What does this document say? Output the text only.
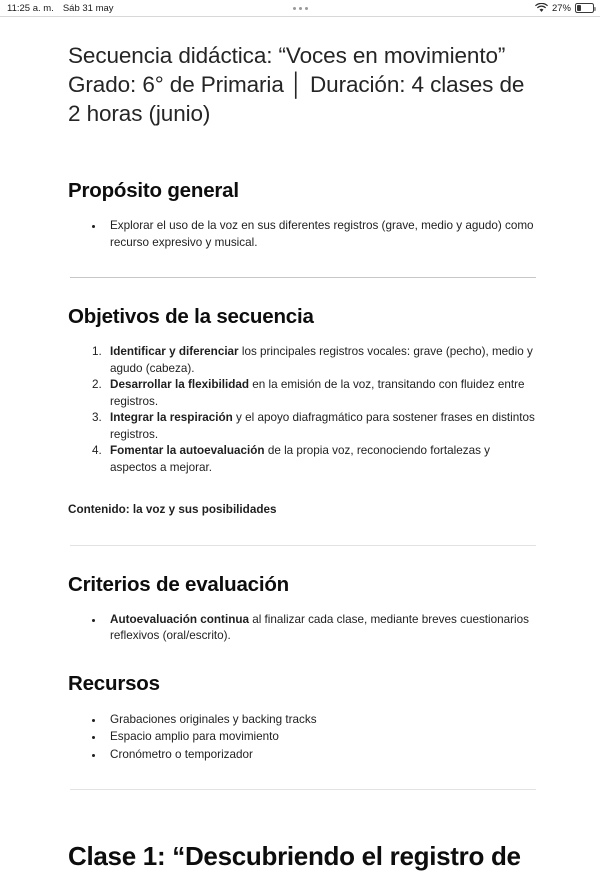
11:25 a. m. Sáb 31 may	27%
Secuencia didáctica: “Voces en movimiento” Grado: 6° de Primaria │ Duración: 4 clases de 2 horas (junio)
Propósito general
• Explorar el uso de la voz en sus diferentes registros (grave, medio y agudo) como recurso expresivo y musical.
Objetivos de la secuencia
1. Identificar y diferenciar los principales registros vocales: grave (pecho), medio y agudo (cabeza).
2. Desarrollar la flexibilidad en la emisión de la voz, transitando con fluidez entre registros.
3. Integrar la respiración y el apoyo diafragmático para sostener frases en distintos registros.
4. Fomentar la autoevaluación de la propia voz, reconociendo fortalezas y aspectos a mejorar.

Contenido: la voz y sus posibilidades

Criterios de evaluación
• Autoevaluación continua al finalizar cada clase, mediante breves cuestionarios reflexivos (oral/escrito).
Recursos
• Grabaciones originales y backing tracks
• Espacio amplio para movimiento
• Cronómetro o temporizador
Clase 1: “Descubriendo el registro de
